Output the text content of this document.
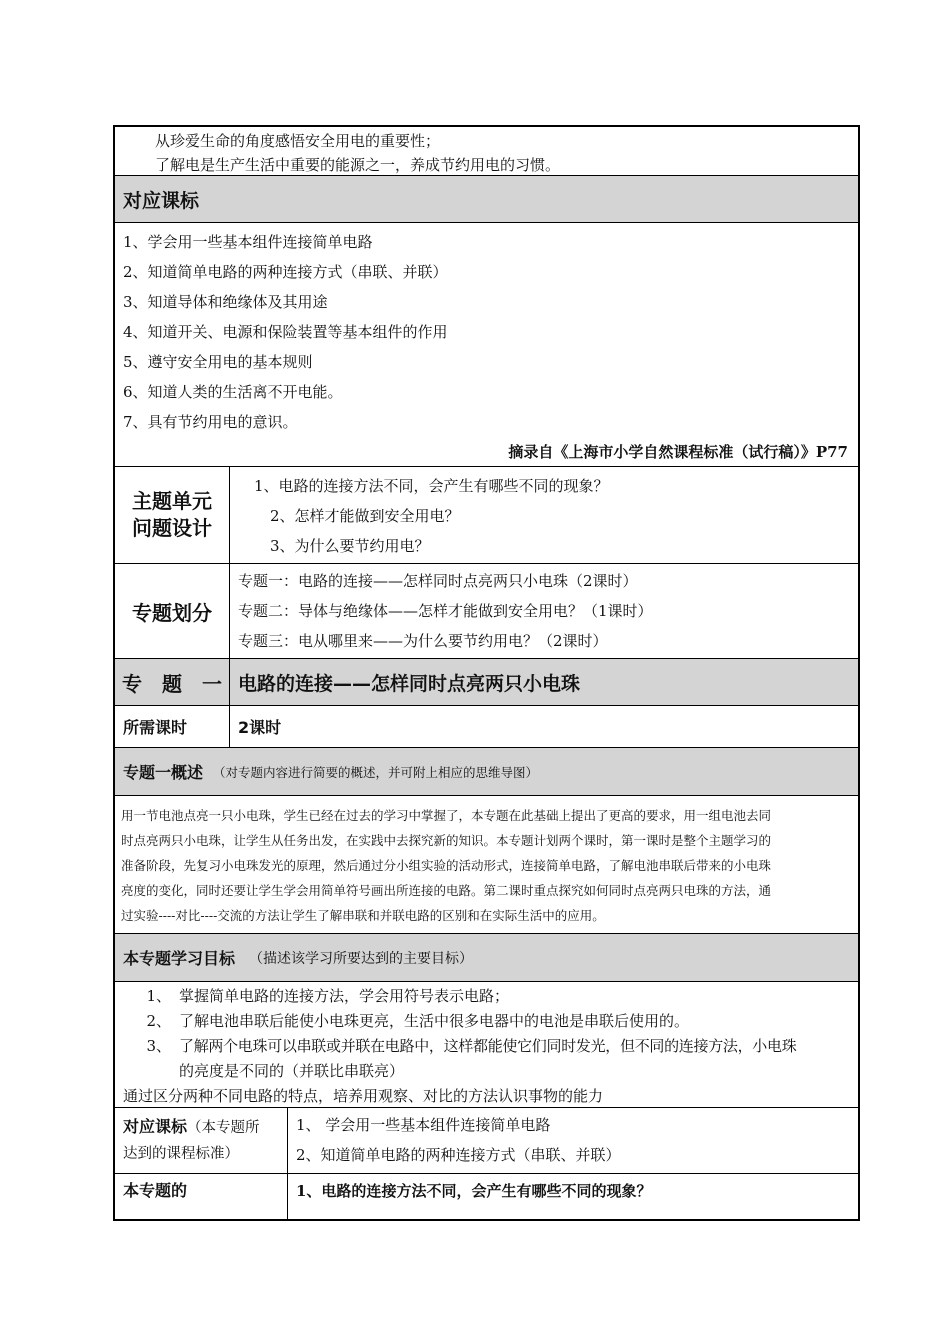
从珍爱生命的角度感悟安全用电的重要性；
了解电是生产生活中重要的能源之一，养成节约用电的习惯。
对应课标
1、学会用一些基本组件连接简单电路
2、知道简单电路的两种连接方式（串联、并联）
3、知道导体和绝缘体及其用途
4、知道开关、电源和保险装置等基本组件的作用
5、遵守安全用电的基本规则
6、知道人类的生活离不开电能。
7、具有节约用电的意识。
摘录自《上海市小学自然课程标准（试行稿）》P77
主题单元
问题设计
1、电路的连接方法不同，会产生有哪些不同的现象？
2、怎样才能做到安全用电？
3、为什么要节约用电？
专题划分
专题一：电路的连接——怎样同时点亮两只小电珠（2课时）
专题二：导体与绝缘体——怎样才能做到安全用电？（1课时）
专题三：电从哪里来——为什么要节约用电？（2课时）
专　题　一 电路的连接——怎样同时点亮两只小电珠
所需课时	2课时
专题一概述 （对专题内容进行简要的概述，并可附上相应的思维导图）
用一节电池点亮一只小电珠，学生已经在过去的学习中掌握了，本专题在此基础上提出了更高的要求，用一组电池去同
时点亮两只小电珠，让学生从任务出发，在实践中去探究新的知识。本专题计划两个课时，第一课时是整个主题学习的
准备阶段，先复习小电珠发光的原理，然后通过分小组实验的活动形式，连接简单电路，了解电池串联后带来的小电珠
亮度的变化，同时还要让学生学会用简单符号画出所连接的电路。第二课时重点探究如何同时点亮两只电珠的方法，通
过实验----对比----交流的方法让学生了解串联和并联电路的区别和在实际生活中的应用。
本专题学习目标 （描述该学习所要达到的主要目标）
1、 掌握简单电路的连接方法，学会用符号表示电路；
2、 了解电池串联后能使小电珠更亮，生活中很多电器中的电池是串联后使用的。
3、 了解两个电珠可以串联或并联在电路中，这样都能使它们同时发光，但不同的连接方法，小电珠
的亮度是不同的（并联比串联亮）
通过区分两种不同电路的特点，培养用观察、对比的方法认识事物的能力
对应课标（本专题所
达到的课程标准）
1、 学会用一些基本组件连接简单电路
2、知道简单电路的两种连接方式（串联、并联）
本专题的	1、电路的连接方法不同，会产生有哪些不同的现象？
